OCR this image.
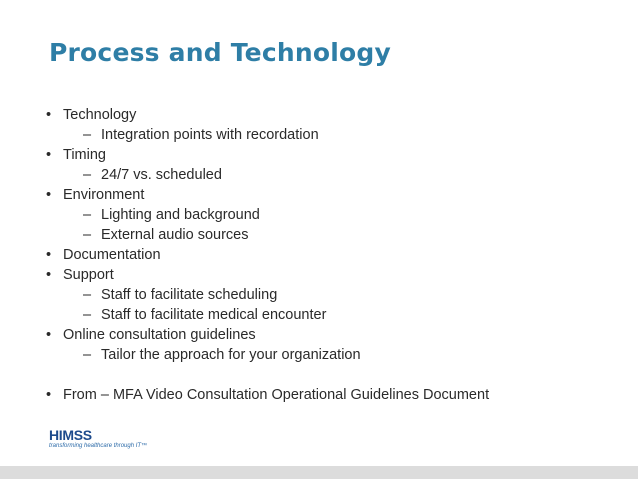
Process and Technology
• Technology
– Integration points with recordation
• Timing
– 24/7 vs. scheduled
• Environment
– Lighting and background
– External audio sources
• Documentation
• Support
– Staff to facilitate scheduling
– Staff to facilitate medical encounter
• Online consultation guidelines
– Tailor the approach for your organization
• From – MFA Video Consultation Operational Guidelines Document
HIMSS
transforming healthcare through IT™
